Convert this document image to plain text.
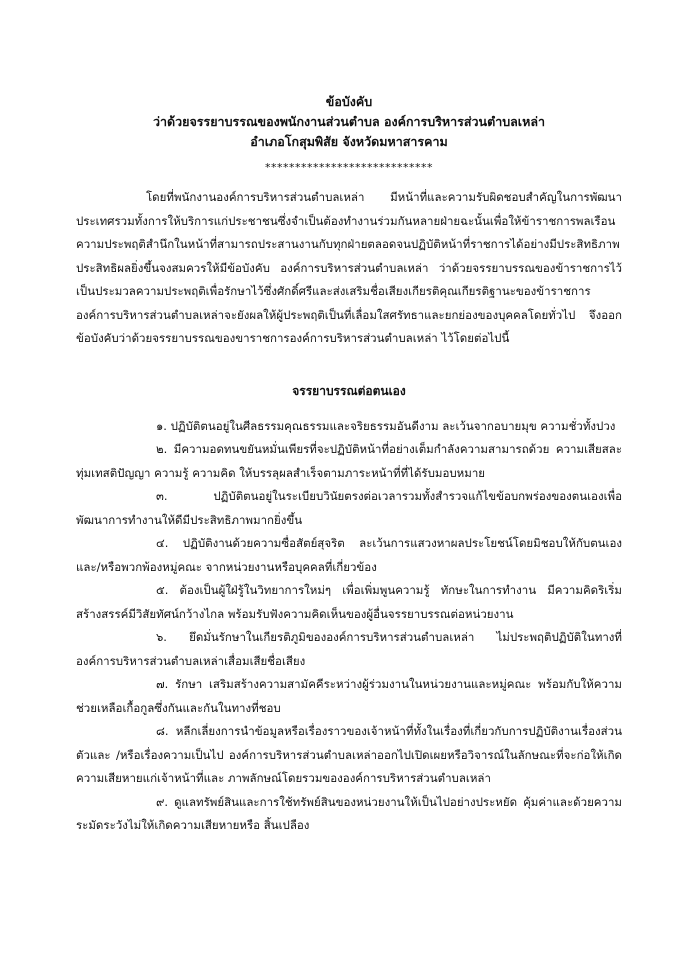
ข้อบังคับ
ว่าด้วยจรรยาบรรณของพนักงานส่วนตำบล องค์การบริหารส่วนตำบลเหล่า
อำเภอโกสุมพิสัย จังหวัดมหาสารคาม
****************************
โดยที่พนักงานองค์การบริหารส่วนตำบลเหล่า มีหน้าที่และความรับผิดชอบสำคัญในการพัฒนาประเทศรวมทั้งการให้บริการแก่ประชาชนซึ่งจำเป็นต้องทำงานร่วมกันหลายฝ่ายฉะนั้นเพื่อให้ข้าราชการพลเรือนความประพฤติสำนึกในหน้าที่สามารถประสานงานกับทุกฝ่ายตลอดจนปฏิบัติหน้าที่ราชการได้อย่างมีประสิทธิภาพประสิทธิผลยิ่งขึ้นจงสมควรให้มีข้อบังคับ องค์การบริหารส่วนตำบลเหล่า ว่าด้วยจรรยาบรรณของข้าราชการไว้เป็นประมวลความประพฤติเพื่อรักษาไว้ซึ่งศักดิ์ศรีและส่งเสริมชื่อเสียงเกียรติคุณเกียรติฐานะของข้าราชการองค์การบริหารส่วนตำบลเหล่าจะยังผลให้ผู้ประพฤติเป็นที่เลื่อมใสศรัทธาและยกย่องของบุคคลโดยทั่วไป จึงออกข้อบังคับว่าด้วยจรรยาบรรณของขาราชการองค์การบริหารส่วนตำบลเหล่า ไว้โดยต่อไปนี้
จรรยาบรรณต่อตนเอง
๑. ปฏิบัติตนอยู่ในศีลธรรมคุณธรรมและจริยธรรมอันดีงาม ละเว้นจากอบายมุข ความชั่วทั้งปวง
๒. มีความอดทนขยันหมั่นเพียรที่จะปฏิบัติหน้าที่อย่างเต็มกำลังความสามารถด้วย ความเสียสละทุ่มเทสติปัญญา ความรู้ ความคิด ให้บรรลุผลสำเร็จตามภาระหน้าที่ที่ได้รับมอบหมาย
๓. ปฏิบัติตนอยู่ในระเบียบวินัยตรงต่อเวลารวมทั้งสำรวจแก้ไขข้อบกพร่องของตนเองเพื่อพัฒนาการทำงานให้ดีมีประสิทธิภาพมากยิ่งขึ้น
๔. ปฏิบัติงานด้วยความซื่อสัตย์สุจริต ละเว้นการแสวงหาผลประโยชน์โดยมิชอบให้กับตนเอง และ/หรือพวกพ้องหมู่คณะ จากหน่วยงานหรือบุคคลที่เกี่ยวข้อง
๕. ต้องเป็นผู้ใฝ่รู้ในวิทยาการใหม่ๆ เพื่อเพิ่มพูนความรู้ ทักษะในการทำงาน มีความคิดริเริ่มสร้างสรรค์มีวิสัยทัศน์กว้างไกล พร้อมรับฟังความคิดเห็นของผู้อื่นจรรยาบรรณต่อหน่วยงาน
๖. ยึดมั่นรักษาในเกียรติภูมิขององค์การบริหารส่วนตำบลเหล่า ไม่ประพฤติปฏิบัติในทางที่องค์การบริหารส่วนตำบลเหล่าเสื่อมเสียชื่อเสียง
๗. รักษา เสริมสร้างความสามัคคีระหว่างผู้ร่วมงานในหน่วยงานและหมู่คณะ พร้อมกับให้ความช่วยเหลือเกื้อกูลซึ่งกันและกันในทางที่ชอบ
๘. หลีกเลี่ยงการนำข้อมูลหรือเรื่องราวของเจ้าหน้าที่ทั้งในเรื่องที่เกี่ยวกับการปฏิบัติงานเรื่องส่วนตัวและ /หรือเรื่องความเป็นไป องค์การบริหารส่วนตำบลเหล่าออกไปเปิดเผยหรือวิจารณ์ในลักษณะที่จะก่อให้เกิดความเสียหายแก่เจ้าหน้าที่และ ภาพลักษณ์โดยรวมขององค์การบริหารส่วนตำบลเหล่า
๙. ดูแลทรัพย์สินและการใช้ทรัพย์สินของหน่วยงานให้เป็นไปอย่างประหยัด คุ้มค่าและด้วยความระมัดระวังไม่ให้เกิดความเสียหายหรือ สิ้นเปลือง
